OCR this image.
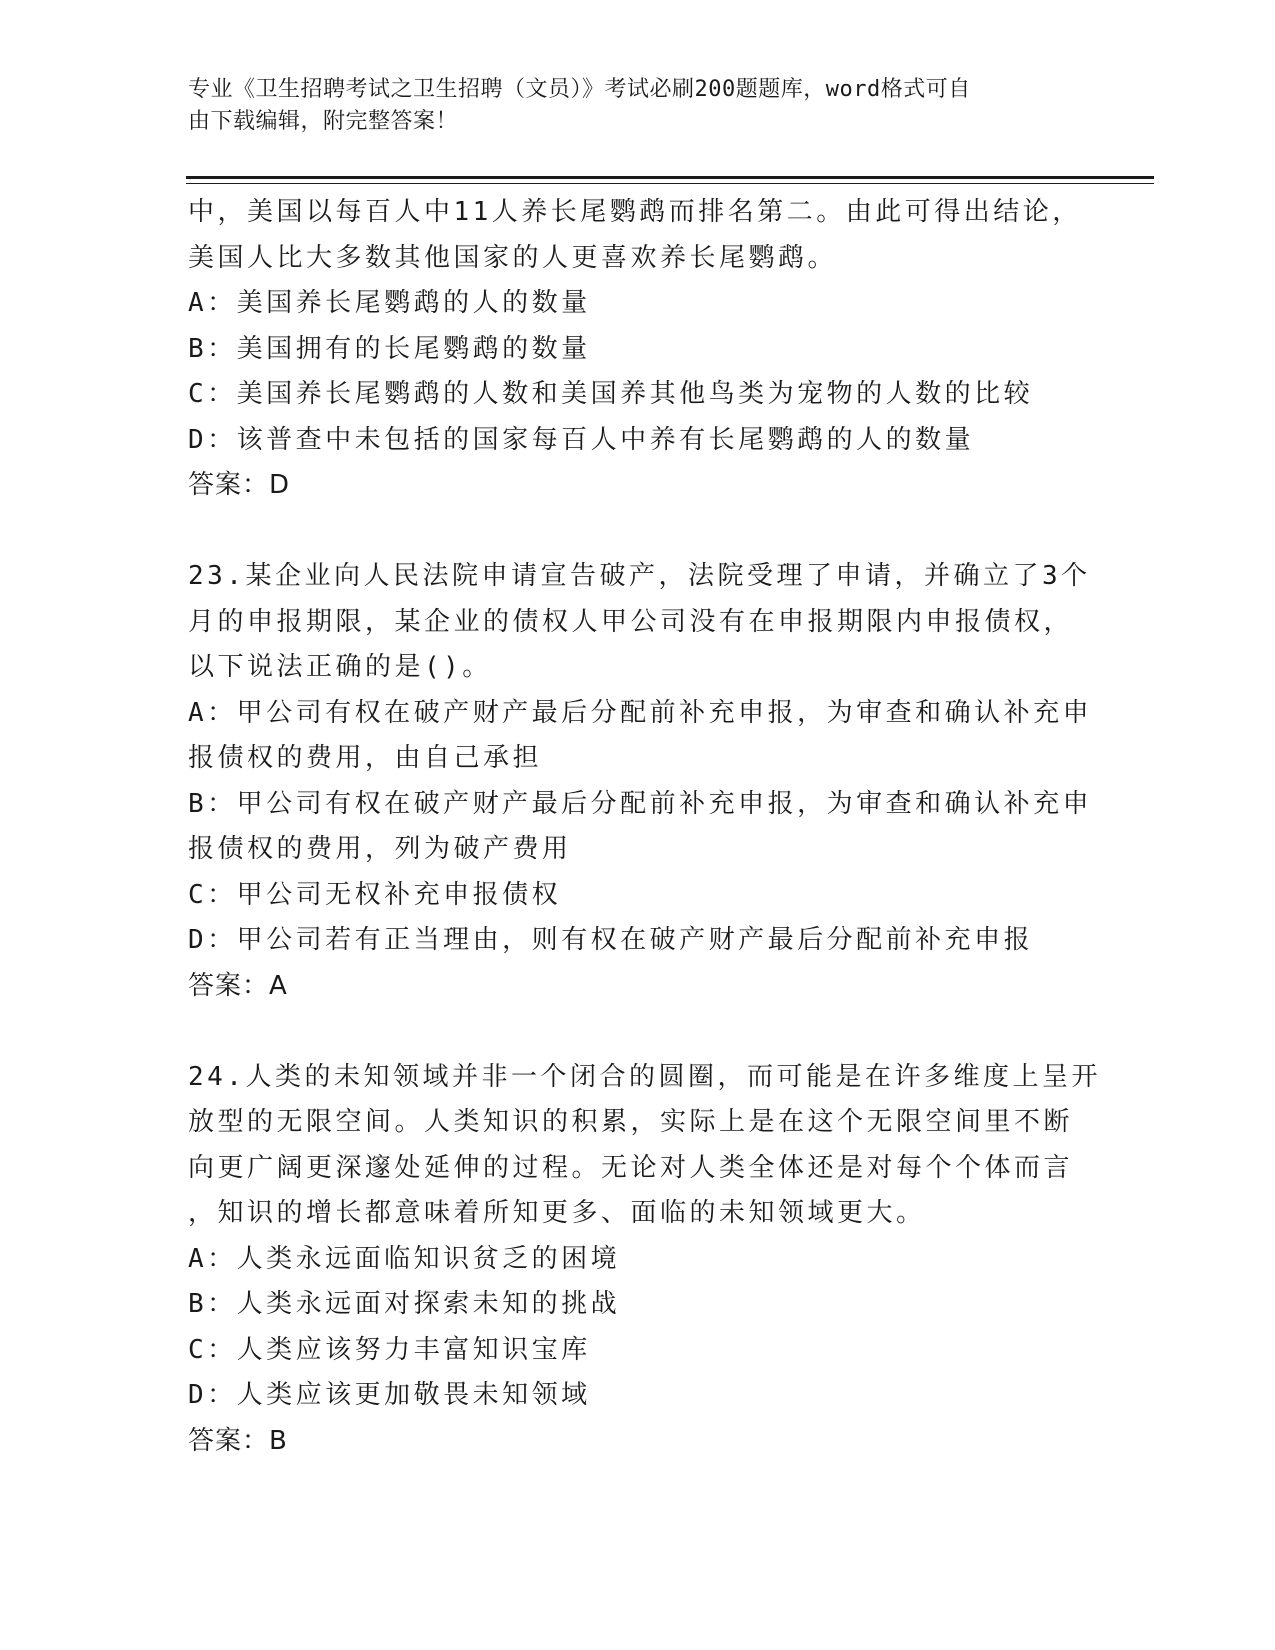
专业《卫生招聘考试之卫生招聘（文员）》考试必刷200题题库，word格式可自
由下载编辑，附完整答案！
中，美国以每百人中11人养长尾鹦鹉而排名第二。由此可得出结论，
美国人比大多数其他国家的人更喜欢养长尾鹦鹉。
A：美国养长尾鹦鹉的人的数量
B：美国拥有的长尾鹦鹉的数量
C：美国养长尾鹦鹉的人数和美国养其他鸟类为宠物的人数的比较
D：该普查中未包括的国家每百人中养有长尾鹦鹉的人的数量
答案：D
23.某企业向人民法院申请宣告破产，法院受理了申请，并确立了3个
月的申报期限，某企业的债权人甲公司没有在申报期限内申报债权，
以下说法正确的是()。
A：甲公司有权在破产财产最后分配前补充申报，为审查和确认补充申
报债权的费用，由自己承担
B：甲公司有权在破产财产最后分配前补充申报，为审查和确认补充申
报债权的费用，列为破产费用
C：甲公司无权补充申报债权
D：甲公司若有正当理由，则有权在破产财产最后分配前补充申报
答案：A
24.人类的未知领域并非一个闭合的圆圈，而可能是在许多维度上呈开
放型的无限空间。人类知识的积累，实际上是在这个无限空间里不断
向更广阔更深邃处延伸的过程。无论对人类全体还是对每个个体而言
，知识的增长都意味着所知更多、面临的未知领域更大。
A：人类永远面临知识贫乏的困境
B：人类永远面对探索未知的挑战
C：人类应该努力丰富知识宝库
D：人类应该更加敬畏未知领域
答案：B
